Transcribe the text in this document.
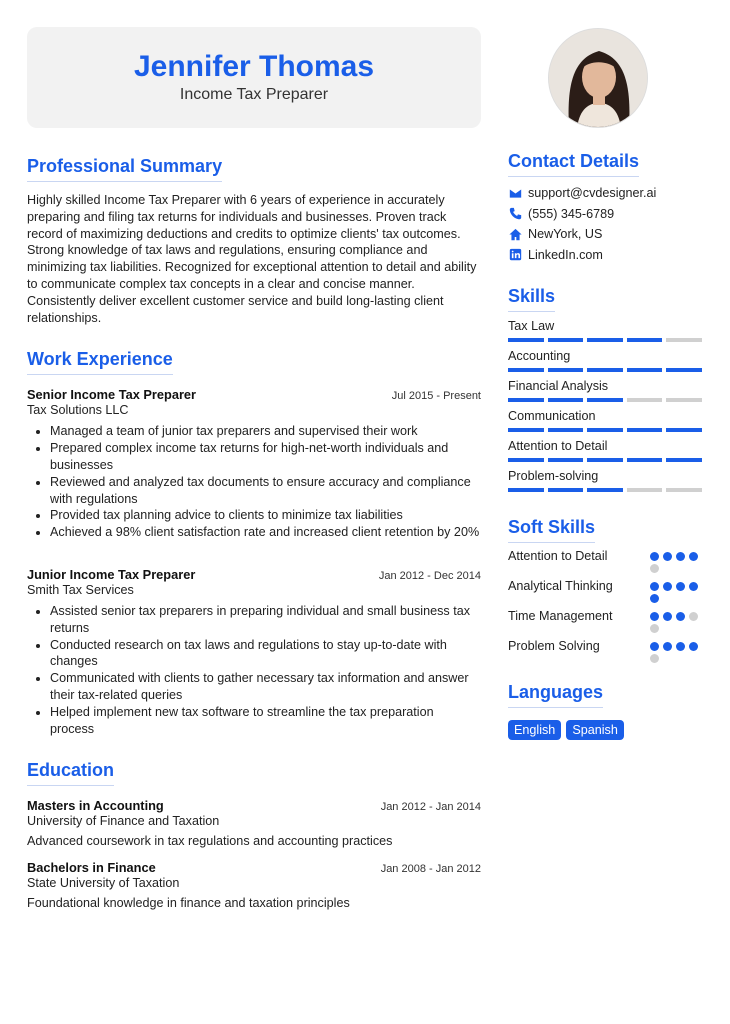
Jennifer Thomas
Income Tax Preparer
Professional Summary

Highly skilled Income Tax Preparer with 6 years of experience in accurately preparing and filing tax returns for individuals and businesses. Proven track record of maximizing deductions and credits to optimize clients' tax outcomes. Strong knowledge of tax laws and regulations, ensuring compliance and minimizing tax liabilities. Recognized for exceptional attention to detail and ability to communicate complex tax concepts in a clear and concise manner. Consistently deliver excellent customer service and build long-lasting client relationships.

Work Experience
Senior Income Tax Preparer	Jul 2015 - Present
Tax Solutions LLC
• Managed a team of junior tax preparers and supervised their work
• Prepared complex income tax returns for high-net-worth individuals and businesses
• Reviewed and analyzed tax documents to ensure accuracy and compliance with regulations
• Provided tax planning advice to clients to minimize tax liabilities
• Achieved a 98% client satisfaction rate and increased client retention by 20%
Junior Income Tax Preparer	Jan 2012 - Dec 2014
Smith Tax Services
• Assisted senior tax preparers in preparing individual and small business tax returns
• Conducted research on tax laws and regulations to stay up-to-date with changes
• Communicated with clients to gather necessary tax information and answer their tax-related queries
• Helped implement new tax software to streamline the tax preparation process
Education
Masters in Accounting	Jan 2012 - Jan 2014
University of Finance and Taxation
Advanced coursework in tax regulations and accounting practices
Bachelors in Finance	Jan 2008 - Jan 2012
State University of Taxation
Foundational knowledge in finance and taxation principles
Contact Details
support@cvdesigner.ai
(555) 345-6789
NewYork, US
LinkedIn.com
Skills
Tax Law
Accounting
Financial Analysis
Communication
Attention to Detail
Problem-solving
Soft Skills
Attention to Detail
Analytical Thinking
Time Management
Problem Solving
Languages
English	Spanish
